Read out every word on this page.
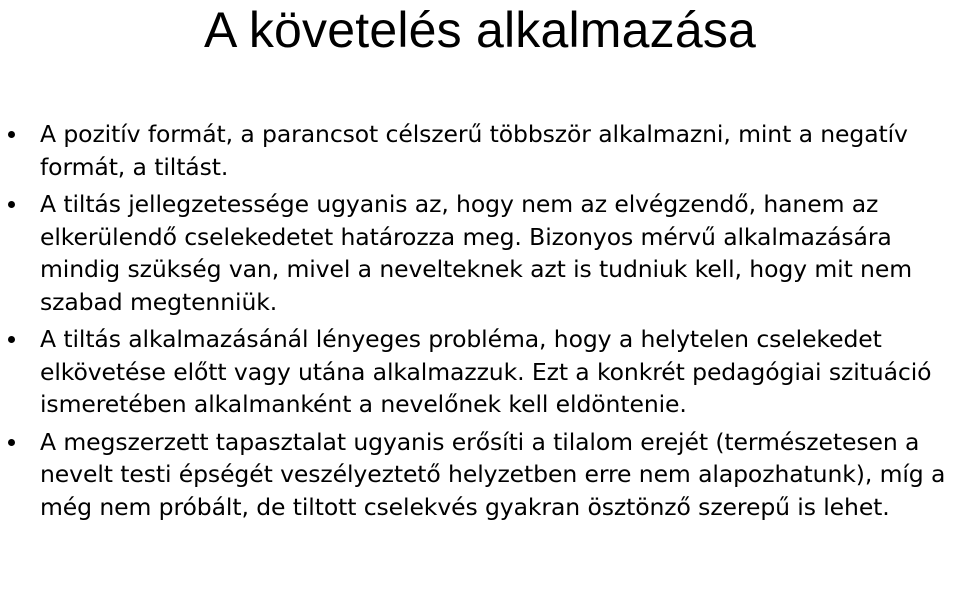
A követelés alkalmazása
A pozitív formát, a parancsot célszerű többször alkalmazni, mint a negatív formát, a tiltást.
A tiltás jellegzetessége ugyanis az, hogy nem az elvégzendő, hanem az elkerülendő cselekedetet határozza meg. Bizonyos mérvű alkalmazására mindig szükség van, mivel a nevelteknek azt is tudniuk kell, hogy mit nem szabad megtenniük.
A tiltás alkalmazásánál lényeges probléma, hogy a helytelen cselekedet elkövetése előtt vagy utána alkalmazzuk. Ezt a konkrét pedagógiai szituáció ismeretében alkalmanként a nevelőnek kell eldöntenie.
A megszerzett tapasztalat ugyanis erősíti a tilalom erejét (természetesen a nevelt testi épségét veszélyeztető helyzetben erre nem alapozhatunk), míg a még nem próbált, de tiltott cselekvés gyakran ösztönző szerepű is lehet.
